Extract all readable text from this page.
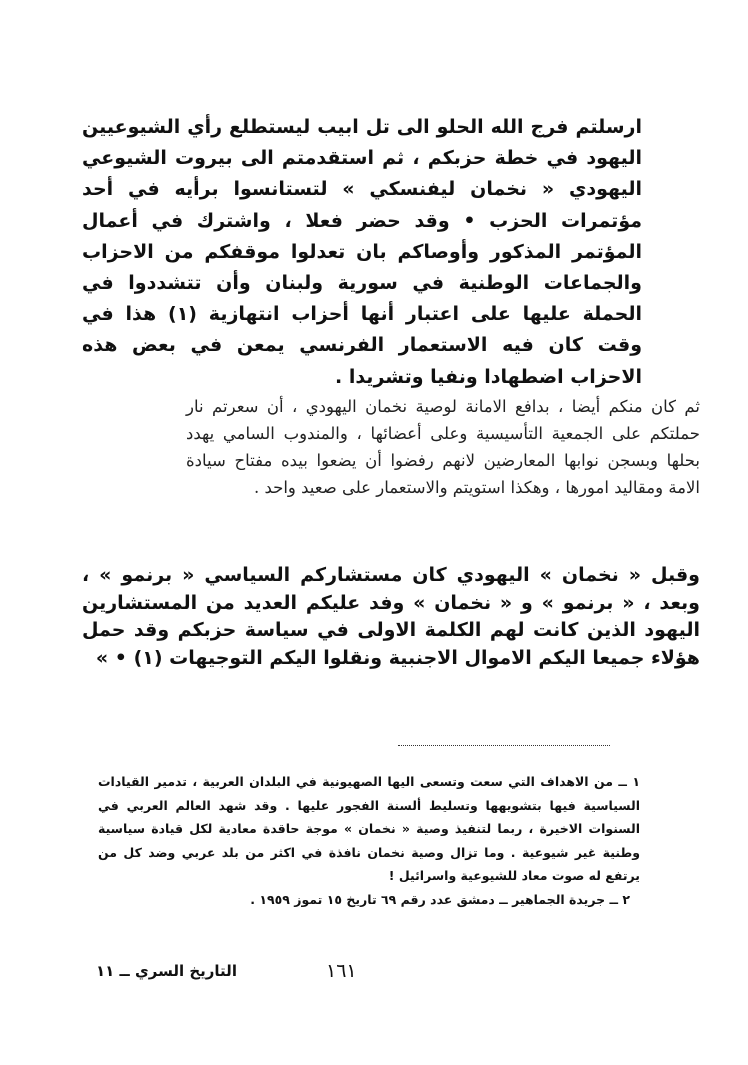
ارسلتم فرج الله الحلو الى تل ابيب ليستطلع رأي الشيوعيين اليهود في خطة حزبكم ، ثم استقدمتم الى بيروت الشيوعي اليهودي « نخمان ليفنسكي » لتستانسوا برأيه في أحد مؤتمرات الحزب • وقد حضر فعلا ، واشترك في أعمال المؤتمر المذكور وأوصاكم بان تعدلوا موقفكم من الاحزاب والجماعات الوطنية في سورية ولبنان وأن تتشددوا في الحملة عليها على اعتبار أنها أحزاب انتهازية (١) هذا في وقت كان فيه الاستعمار الفرنسي يمعن في بعض هذه الاحزاب اضطهادا ونفيا وتشريدا .

ثم كان منكم أيضا ، بدافع الامانة لوصية نخمان اليهودي ، أن سعرتم نار حملتكم على الجمعية التأسيسية وعلى أعضائها ، والمندوب السامي يهدد بحلها وبسجن نوابها المعارضين لانهم رفضوا أن يضعوا بيده مفتاح سيادة الامة ومقاليد امورها ، وهكذا استويتم والاستعمار على صعيد واحد .

وقبل « نخمان » اليهودي كان مستشاركم السياسي « برنمو » ، وبعد ، « برنمو » و « نخمان » وفد عليكم العديد من المستشارين اليهود الذين كانت لهم الكلمة الاولى في سياسة حزبكم وقد حمل هؤلاء جميعا اليكم الاموال الاجنبية ونقلوا اليكم التوجيهات (١) • »

١ ــ من الاهداف التي سعت وتسعى اليها الصهيونية في البلدان العربية ، تدمير القيادات السياسية فيها بتشويهها وتسليط ألسنة الفجور عليها . وقد شهد العالم العربي في السنوات الاخيرة ، ربما لتنفيذ وصية « نخمان » موجة حاقدة معادية لكل قيادة سياسية وطنية غير شيوعية . وما تزال وصية نخمان نافذة في اكثر من بلد عربي وضد كل من يرتفع له صوت معاد للشيوعية واسرائيل !

٢ ــ جريدة الجماهير ــ دمشق عدد رقم ٦٩ تاريخ ١٥ تموز ١٩٥٩ .

١٦١
التاريخ السري ــ ١١
